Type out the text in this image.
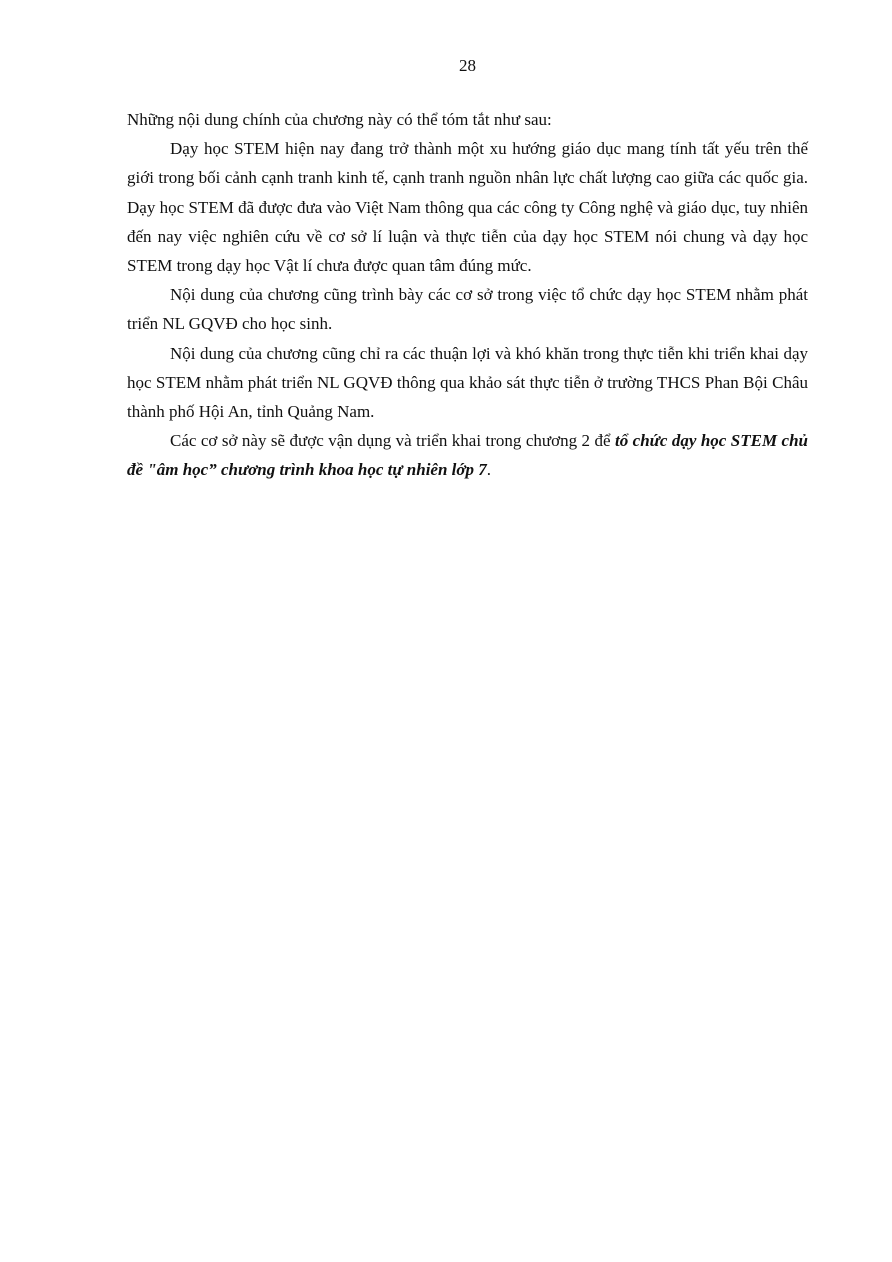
28

Những nội dung chính của chương này có thể tóm tắt như sau:

Dạy học STEM hiện nay đang trở thành một xu hướng giáo dục mang tính tất yếu trên thế giới trong bối cảnh cạnh tranh kinh tế, cạnh tranh nguồn nhân lực chất lượng cao giữa các quốc gia. Dạy học STEM đã được đưa vào Việt Nam thông qua các công ty Công nghệ và giáo dục, tuy nhiên đến nay việc nghiên cứu về cơ sở lí luận và thực tiễn của dạy học STEM nói chung và dạy học STEM trong dạy học Vật lí chưa được quan tâm đúng mức.

Nội dung của chương cũng trình bày các cơ sở trong việc tổ chức dạy học STEM nhằm phát triển NL GQVĐ cho học sinh.

Nội dung của chương cũng chỉ ra các thuận lợi và khó khăn trong thực tiễn khi triển khai dạy học STEM nhằm phát triển NL GQVĐ thông qua khảo sát thực tiễn ở trường THCS Phan Bội Châu thành phố Hội An, tỉnh Quảng Nam.

Các cơ sở này sẽ được vận dụng và triển khai trong chương 2 để tổ chức dạy học STEM chủ đề "âm học” chương trình khoa học tự nhiên lớp 7.
